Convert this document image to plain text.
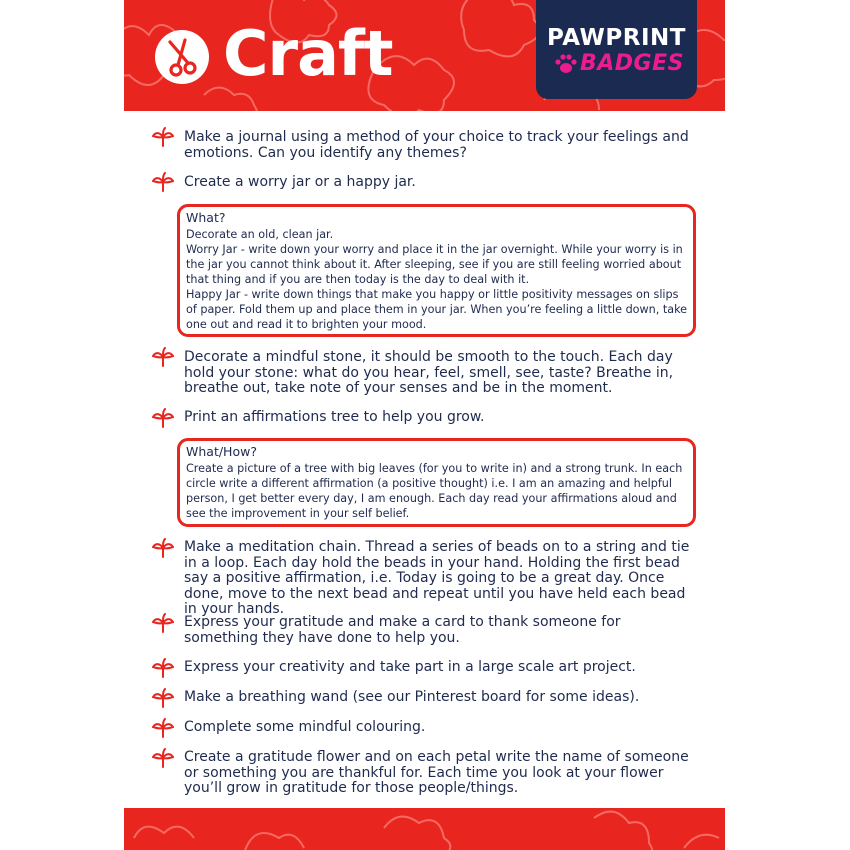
Craft	PAWPRINT
BADGES
Make a journal using a method of your choice to track your feelings and emotions. Can you identify any themes?
Create a worry jar or a happy jar.
What?
Decorate an old, clean jar.
Worry Jar - write down your worry and place it in the jar overnight. While your worry is in the jar you cannot think about it. After sleeping, see if you are still feeling worried about that thing and if you are then today is the day to deal with it.
Happy Jar - write down things that make you happy or little positivity messages on slips of paper. Fold them up and place them in your jar. When you’re feeling a little down, take one out and read it to brighten your mood.
Decorate a mindful stone, it should be smooth to the touch. Each day hold your stone: what do you hear, feel, smell, see, taste? Breathe in, breathe out, take note of your senses and be in the moment.
Print an affirmations tree to help you grow.
What/How?
Create a picture of a tree with big leaves (for you to write in) and a strong trunk. In each circle write a different affirmation (a positive thought) i.e. I am an amazing and helpful person, I get better every day, I am enough. Each day read your affirmations aloud and see the improvement in your self belief.
Make a meditation chain. Thread a series of beads on to a string and tie in a loop. Each day hold the beads in your hand. Holding the first bead say a positive affirmation, i.e. Today is going to be a great day. Once done, move to the next bead and repeat until you have held each bead in your hands.
Express your gratitude and make a card to thank someone for something they have done to help you.
Express your creativity and take part in a large scale art project.
Make a breathing wand (see our Pinterest board for some ideas).
Complete some mindful colouring.
Create a gratitude flower and on each petal write the name of someone or something you are thankful for. Each time you look at your flower you’ll grow in gratitude for those people/things.
